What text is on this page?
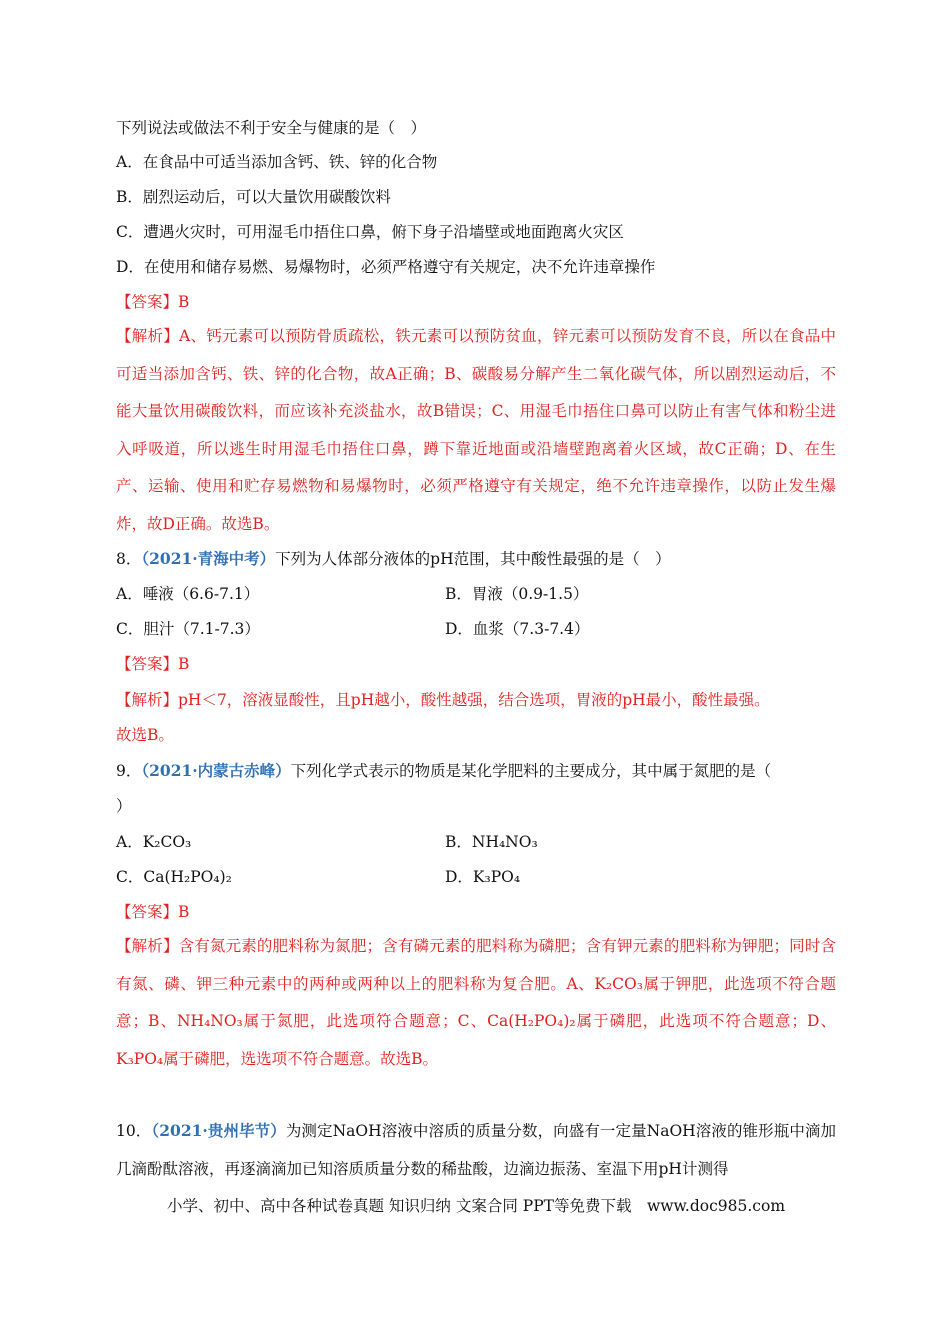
下列说法或做法不利于安全与健康的是（　）
A．在食品中可适当添加含钙、铁、锌的化合物
B．剧烈运动后，可以大量饮用碳酸饮料
C．遭遇火灾时，可用湿毛巾捂住口鼻，俯下身子沿墙壁或地面跑离火灾区
D．在使用和储存易燃、易爆物时，必须严格遵守有关规定，决不允许违章操作
【答案】B
【解析】A、钙元素可以预防骨质疏松，铁元素可以预防贫血，锌元素可以预防发育不良，所以在食品中可适当添加含钙、铁、锌的化合物，故A正确；B、碳酸易分解产生二氧化碳气体，所以剧烈运动后，不能大量饮用碳酸饮料，而应该补充淡盐水，故B错误；C、用湿毛巾捂住口鼻可以防止有害气体和粉尘进入呼吸道，所以逃生时用湿毛巾捂住口鼻，蹲下靠近地面或沿墙壁跑离着火区域，故C正确；D、在生产、运输、使用和贮存易燃物和易爆物时，必须严格遵守有关规定，绝不允许违章操作，以防止发生爆炸，故D正确。故选B。
8．（2021·青海中考）下列为人体部分液体的pH范围，其中酸性最强的是（　）
A．唾液（6.6-7.1）	B．胃液（0.9-1.5）
C．胆汁（7.1-7.3）	D．血浆（7.3-7.4）
【答案】B
【解析】pH＜7，溶液显酸性，且pH越小，酸性越强，结合选项，胃液的pH最小，酸性最强。
故选B。
9．（2021·内蒙古赤峰）下列化学式表示的物质是某化学肥料的主要成分，其中属于氮肥的是（
）
A．K₂CO₃	B．NH₄NO₃
C．Ca(H₂PO₄)₂	D．K₃PO₄
【答案】B
【解析】含有氮元素的肥料称为氮肥；含有磷元素的肥料称为磷肥；含有钾元素的肥料称为钾肥；同时含有氮、磷、钾三种元素中的两种或两种以上的肥料称为复合肥。A、K₂CO₃属于钾肥，此选项不符合题意；B、NH₄NO₃属于氮肥，此选项符合题意；C、Ca(H₂PO₄)₂属于磷肥，此选项不符合题意；D、K₃PO₄属于磷肥，选选项不符合题意。故选B。
10．（2021·贵州毕节）为测定NaOH溶液中溶质的质量分数，向盛有一定量NaOH溶液的锥形瓶中滴加几滴酚酞溶液，再逐滴滴加已知溶质质量分数的稀盐酸，边滴边振荡、室温下用pH计测得
小学、初中、高中各种试卷真题 知识归纳 文案合同 PPT等免费下载　www.doc985.com
